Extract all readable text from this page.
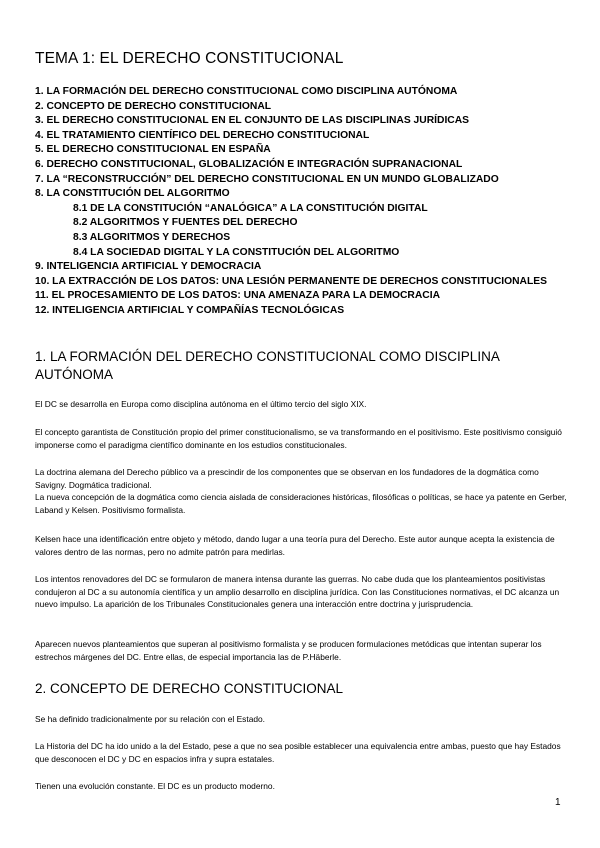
TEMA 1: EL DERECHO CONSTITUCIONAL
1. LA FORMACIÓN DEL DERECHO CONSTITUCIONAL COMO DISCIPLINA AUTÓNOMA
2. CONCEPTO DE DERECHO CONSTITUCIONAL
3. EL DERECHO CONSTITUCIONAL EN EL CONJUNTO DE LAS DISCIPLINAS JURÍDICAS
4. EL TRATAMIENTO CIENTÍFICO DEL DERECHO CONSTITUCIONAL
5. EL DERECHO CONSTITUCIONAL EN ESPAÑA
6. DERECHO CONSTITUCIONAL, GLOBALIZACIÓN E INTEGRACIÓN SUPRANACIONAL
7. LA “RECONSTRUCCIÓN” DEL DERECHO CONSTITUCIONAL EN UN MUNDO GLOBALIZADO
8. LA CONSTITUCIÓN DEL ALGORITMO
8.1 DE LA CONSTITUCIÓN “ANALÓGICA” A LA CONSTITUCIÓN DIGITAL
8.2 ALGORITMOS Y FUENTES DEL DERECHO
8.3 ALGORITMOS Y DERECHOS
8.4 LA SOCIEDAD DIGITAL Y LA CONSTITUCIÓN DEL ALGORITMO
9. INTELIGENCIA ARTIFICIAL Y DEMOCRACIA
10. LA EXTRACCIÓN DE LOS DATOS: UNA LESIÓN PERMANENTE DE DERECHOS CONSTITUCIONALES
11. EL PROCESAMIENTO DE LOS DATOS: UNA AMENAZA PARA LA DEMOCRACIA
12. INTELIGENCIA ARTIFICIAL Y COMPAÑÍAS TECNOLÓGICAS
1. LA FORMACIÓN DEL DERECHO CONSTITUCIONAL COMO DISCIPLINA AUTÓNOMA

El DC se desarrolla en Europa como disciplina autónoma en el último tercio del siglo XIX.

El concepto garantista de Constitución propio del primer constitucionalismo, se va transformando en el positivismo. Este positivismo consiguió imponerse como el paradigma científico dominante en los estudios constitucionales.

La doctrina alemana del Derecho público va a prescindir de los componentes que se observan en los fundadores de la dogmática como Savigny. Dogmática tradicional.

La nueva concepción de la dogmática como ciencia aislada de consideraciones históricas, filosóficas o políticas, se hace ya patente en Gerber, Laband y Kelsen. Positivismo formalista.

Kelsen hace una identificación entre objeto y método, dando lugar a una teoría pura del Derecho. Este autor aunque acepta la existencia de valores dentro de las normas, pero no admite patrón para medirlas.

Los intentos renovadores del DC se formularon de manera intensa durante las guerras. No cabe duda que los planteamientos positivistas condujeron al DC a su autonomía científica y un amplio desarrollo en disciplina jurídica. Con las Constituciones normativas, el DC alcanza un nuevo impulso. La aparición de los Tribunales Constitucionales genera una interacción entre doctrina y jurisprudencia.

Aparecen nuevos planteamientos que superan al positivismo formalista y se producen formulaciones metódicas que intentan superar los estrechos márgenes del DC. Entre ellas, de especial importancia las de P.Häberle.

2. CONCEPTO DE DERECHO CONSTITUCIONAL

Se ha definido tradicionalmente por su relación con el Estado.

La Historia del DC ha ido unido a la del Estado, pese a que no sea posible establecer una equivalencia entre ambas, puesto que hay Estados que desconocen el DC y DC en espacios infra y supra estatales.

Tienen una evolución constante. El DC es un producto moderno.

1
